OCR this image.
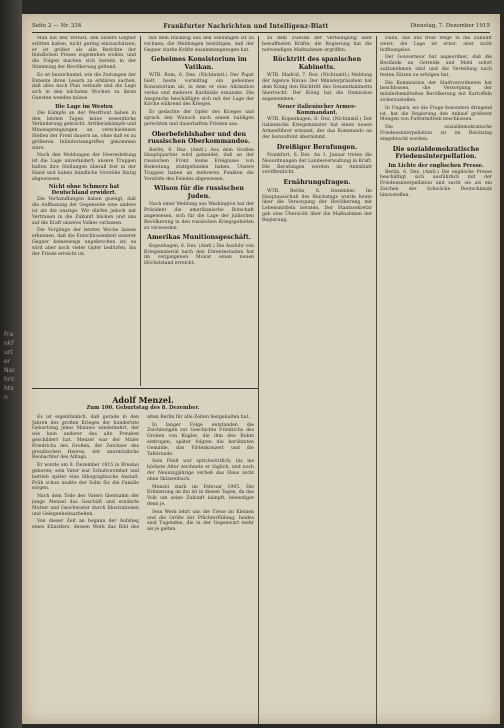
Frankfurter Nachrichten
Seite 2 — Nr. 334	Frankfurter Nachrichten und Intelligenz-Blatt	Dienstag, 7. Dezember 1915

Man hat den Verlust, den unsere Gegner erlitten haben, nicht gering einzuschätzen; er ist größer als alle Berichte der feindlichen Presse zugestehen wollen, und die Folgen machen sich bereits in der Stimmung der Bevölkerung geltend.

Es ist bezeichnend, wie die Zeitungen der Entente ihren Lesern zu erklären suchen, daß alles nach Plan verlaufe und die Lage sich in den nächsten Wochen zu ihren Gunsten wenden müsse.

Die Lage im Westen

Die Kämpfe an der Westfront haben in den letzten Tagen keine wesentliche Veränderung gebracht. Artilleriekämpfe und Minensprengungen an verschiedenen Stellen der Front dauern an, ohne daß es zu größeren Infanterieangriffen gekommen wäre.

Nach den Meldungen der Heeresleitung ist die Lage unverändert; unsere Truppen halten ihre Stellungen überall fest in der Hand und haben feindliche Vorstöße blutig abgewiesen.

Nicht ohne Schmerz hat Deutschland erwidert.

Die Verhandlungen haben gezeigt, daß die Auffassung der Gegenseite eine andere ist als die unsrige. Wir dürfen jedoch mit Vertrauen in die Zukunft blicken und uns auf die Kraft unseres Volkes verlassen.

Die Vorgänge der letzten Woche lassen erkennen, daß die Entschlossenheit unserer Gegner keineswegs ungebrochen ist; es wird aber noch vieler Opfer bedürfen, bis der Friede erreicht ist.

mit dem Rückzug aus den Stellungen ist zu rechnen; die Meldungen bestätigen, daß der Gegner starke Kräfte zusammengezogen hat.

Geheimes Konsistorium im Vatikan.

WTB. Rom, 6. Dez. (Nichtamtl.) Der Papst hielt heute vormittag ein geheimes Konsistorium ab, in dem er eine Allokution verlas und mehrere Kardinäle ernannte. Die Ansprache beschäftigte sich mit der Lage der Kirche während des Krieges.

Er gedachte der Opfer des Krieges und sprach den Wunsch nach einem baldigen gerechten und dauerhaften Frieden aus.

Oberbefehlshaber und den russischen Oberkommandos.

Berlin, 6. Dez. (Amtl.) Aus dem Großen Hauptquartier wird gemeldet, daß an der russischen Front keine Ereignisse von Bedeutung stattgefunden haben. Unsere Truppen haben an mehreren Punkten die Vorstöße des Feindes abgewiesen.

Wilson für die russischen Juden.

Nach einer Meldung aus Washington hat der Präsident die amerikanische Botschaft angewiesen, sich für die Lage der jüdischen Bevölkerung in den russischen Kriegsgebieten zu verwenden.

Amerikas Munitionsgeschäft.

Kopenhagen, 6. Dez. (Amtl.) Die Ausfuhr von Kriegsmaterial nach den Ententestaaten hat im vergangenen Monat einen neuen Höchststand erreicht.

zu dem Zwecke der Verteidigung aller bewaffneten Kräfte; die Regierung hat die notwendigen Maßnahmen ergriffen.

Rücktritt des spanischen Kabinetts.

WTB. Madrid, 7. Dez. (Nichtamtl.) Meldung der Agence Havas: Der Ministerpräsident hat dem König den Rücktritt des Gesamtkabinetts überreicht. Der König hat die Demission angenommen.

Neuer italienischer Armee-Kommandant.

WTB. Kopenhagen, 6. Dez. (Nichtamtl.) Der italienische Kriegsminister hat einen neuen Armeeführer ernannt, der das Kommando an der Isonzofront übernimmt.

Dreißiger Berufungen.

Frankfurt, 6. Dez. An 1. Januar treten die Neuordnungen der Landesverwaltung in Kraft. Die Berufungen werden im Amtsblatt veröffentlicht.

Ernährungsfragen.

WTB. Berlin, 6. Dezember. Im Hauptausschuß des Reichstags wurde heute über die Versorgung der Bevölkerung mit Lebensmitteln beraten. Der Staatssekretär gab eine Übersicht über die Maßnahmen der Regierung.

Dann, das uns freie Wege in die Zukunft weist; die Lage ist ernst, aber nicht hoffnungslos.

Der Gouverneur hat angeordnet, daß die Bestände an Getreide und Mehl sofort aufzunehmen sind und die Verteilung nach festen Sätzen zu erfolgen hat.

Die Kommission der Stadtverordneten hat beschlossen, die Versorgung der minderbemittelten Bevölkerung mit Kartoffeln sicherzustellen.

In Ungarn, wo die Frage besonders dringend ist, hat die Regierung den Ankauf größerer Mengen von Futtermitteln beschlossen.

Die sozialdemokratische Friedensinterpellation ist im Reichstag eingebracht worden.

Die sozialdemokratische Friedensinterpellation.
Im Lichte der englischen Presse.

Berlin, 6. Dez. (Amtl.) Die englische Presse beschäftigt sich ausführlich mit der Friedensinterpellation und sucht sie als ein Zeichen der Schwäche Deutschlands hinzustellen.

Adolf Menzel.
Zum 100. Geburtstag des 8. Dezember.

Es ist eigentümlich, daß gerade in den Jahren des großen Krieges der hundertste Geburtstag jenes Mannes wiederkehrt, der wie kein anderer das alte Preußen geschildert hat. Menzel war der Maler Friedrichs des Großen, der Zeichner des preußischen Heeres, der unermüdliche Beobachter des Alltags.

Er wurde am 8. Dezember 1815 in Breslau geboren; sein Vater war Schulvorsteher und betrieb später eine lithographische Anstalt. Früh schon mußte der Sohn für die Familie sorgen.

Nach dem Tode des Vaters übernahm der junge Menzel das Geschäft und ernährte Mutter und Geschwister durch Illustrationen und Gelegenheitsarbeiten.

Von dieser Zeit an begann der Aufstieg eines Künstlers, dessen Werk das Bild des alten Berlin für alle Zeiten festgehalten hat.

In langer Folge entstanden die Zeichnungen zur Geschichte Friedrichs des Großen von Kugler, die ihm den Ruhm eintrugen; später folgten die berühmten Gemälde, das Flötenkonzert und die Tafelrunde.

Sein Fleiß war sprichwörtlich; bis ins höchste Alter zeichnete er täglich, und noch der Neunzigjährige verließ das Haus nicht ohne Skizzenbuch.

Menzel starb im Februar 1905. Die Erinnerung an ihn ist in diesen Tagen, da das Volk um seine Zukunft kämpft, lebendiger denn je.

Sein Werk lehrt uns die Treue im Kleinen und die Größe der Pflichterfüllung; beides sind Tugenden, die in der Gegenwart mehr als je gelten.
